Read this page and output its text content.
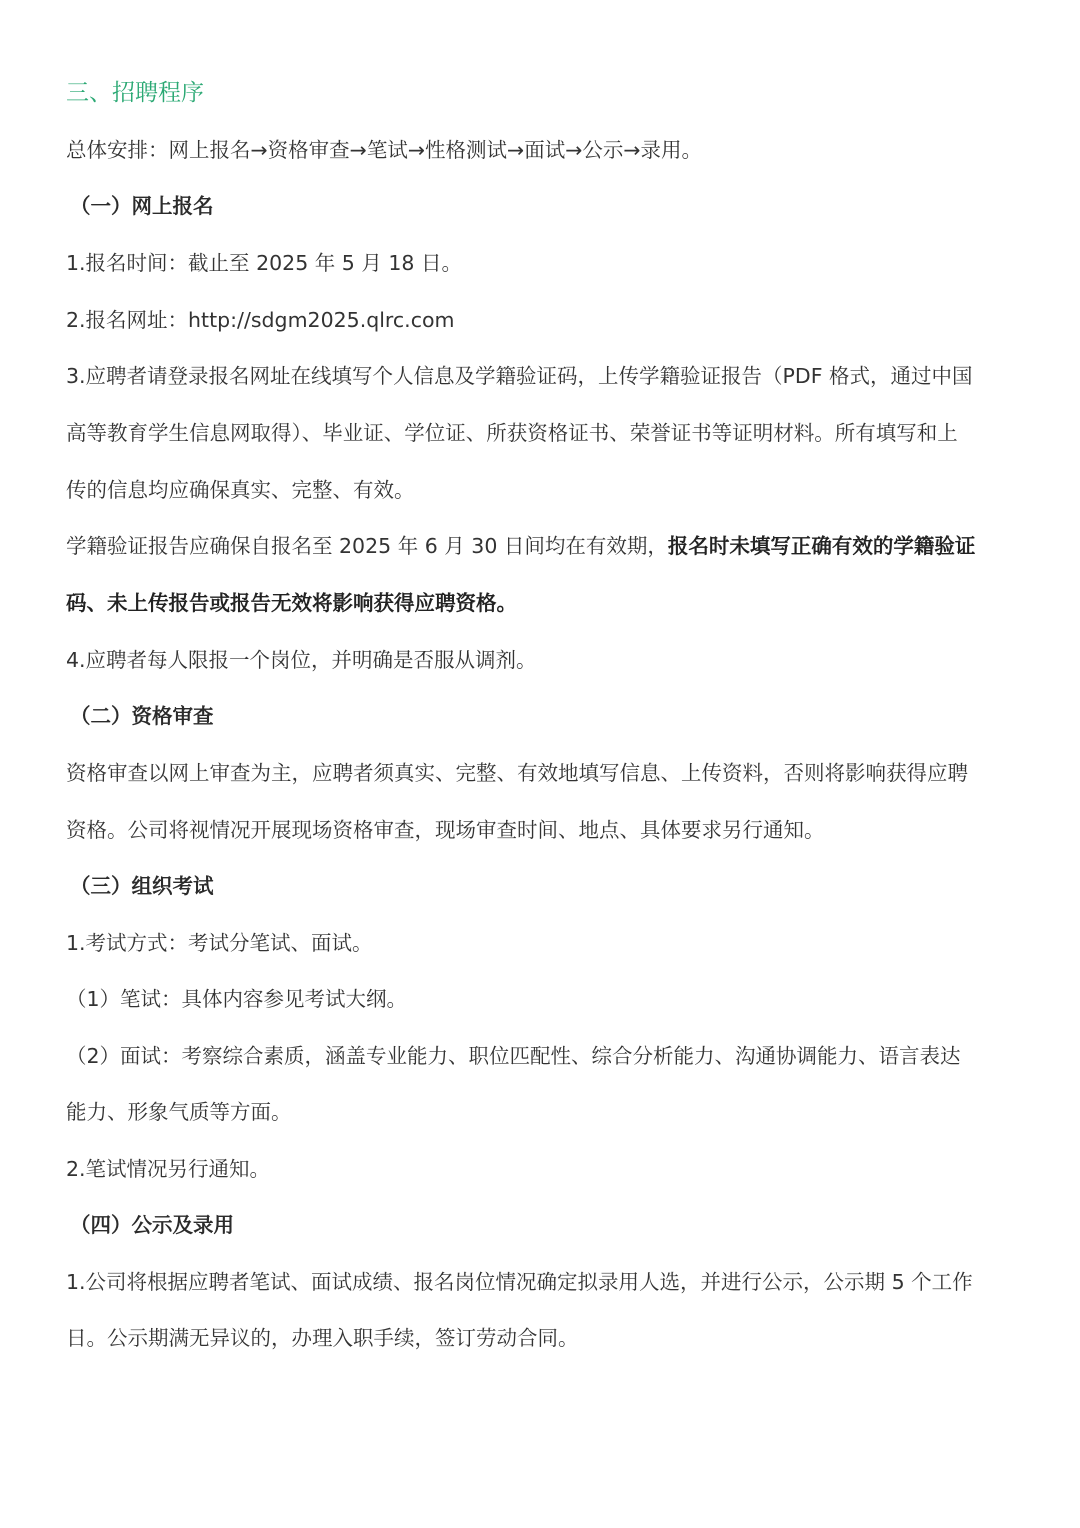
三、招聘程序
总体安排：网上报名→资格审查→笔试→性格测试→面试→公示→录用。
（一）网上报名
1.报名时间：截止至 2025 年 5 月 18 日。
2.报名网址：http://sdgm2025.qlrc.com
3.应聘者请登录报名网址在线填写个人信息及学籍验证码，上传学籍验证报告（PDF 格式，通过中国
高等教育学生信息网取得）、毕业证、学位证、所获资格证书、荣誉证书等证明材料。所有填写和上
传的信息均应确保真实、完整、有效。
学籍验证报告应确保自报名至 2025 年 6 月 30 日间均在有效期，报名时未填写正确有效的学籍验证
码、未上传报告或报告无效将影响获得应聘资格。
4.应聘者每人限报一个岗位，并明确是否服从调剂。
（二）资格审查
资格审查以网上审查为主，应聘者须真实、完整、有效地填写信息、上传资料，否则将影响获得应聘
资格。公司将视情况开展现场资格审查，现场审查时间、地点、具体要求另行通知。
（三）组织考试
1.考试方式：考试分笔试、面试。
（1）笔试：具体内容参见考试大纲。
（2）面试：考察综合素质，涵盖专业能力、职位匹配性、综合分析能力、沟通协调能力、语言表达
能力、形象气质等方面。
2.笔试情况另行通知。
（四）公示及录用
1.公司将根据应聘者笔试、面试成绩、报名岗位情况确定拟录用人选，并进行公示，公示期 5 个工作
日。公示期满无异议的，办理入职手续，签订劳动合同。
